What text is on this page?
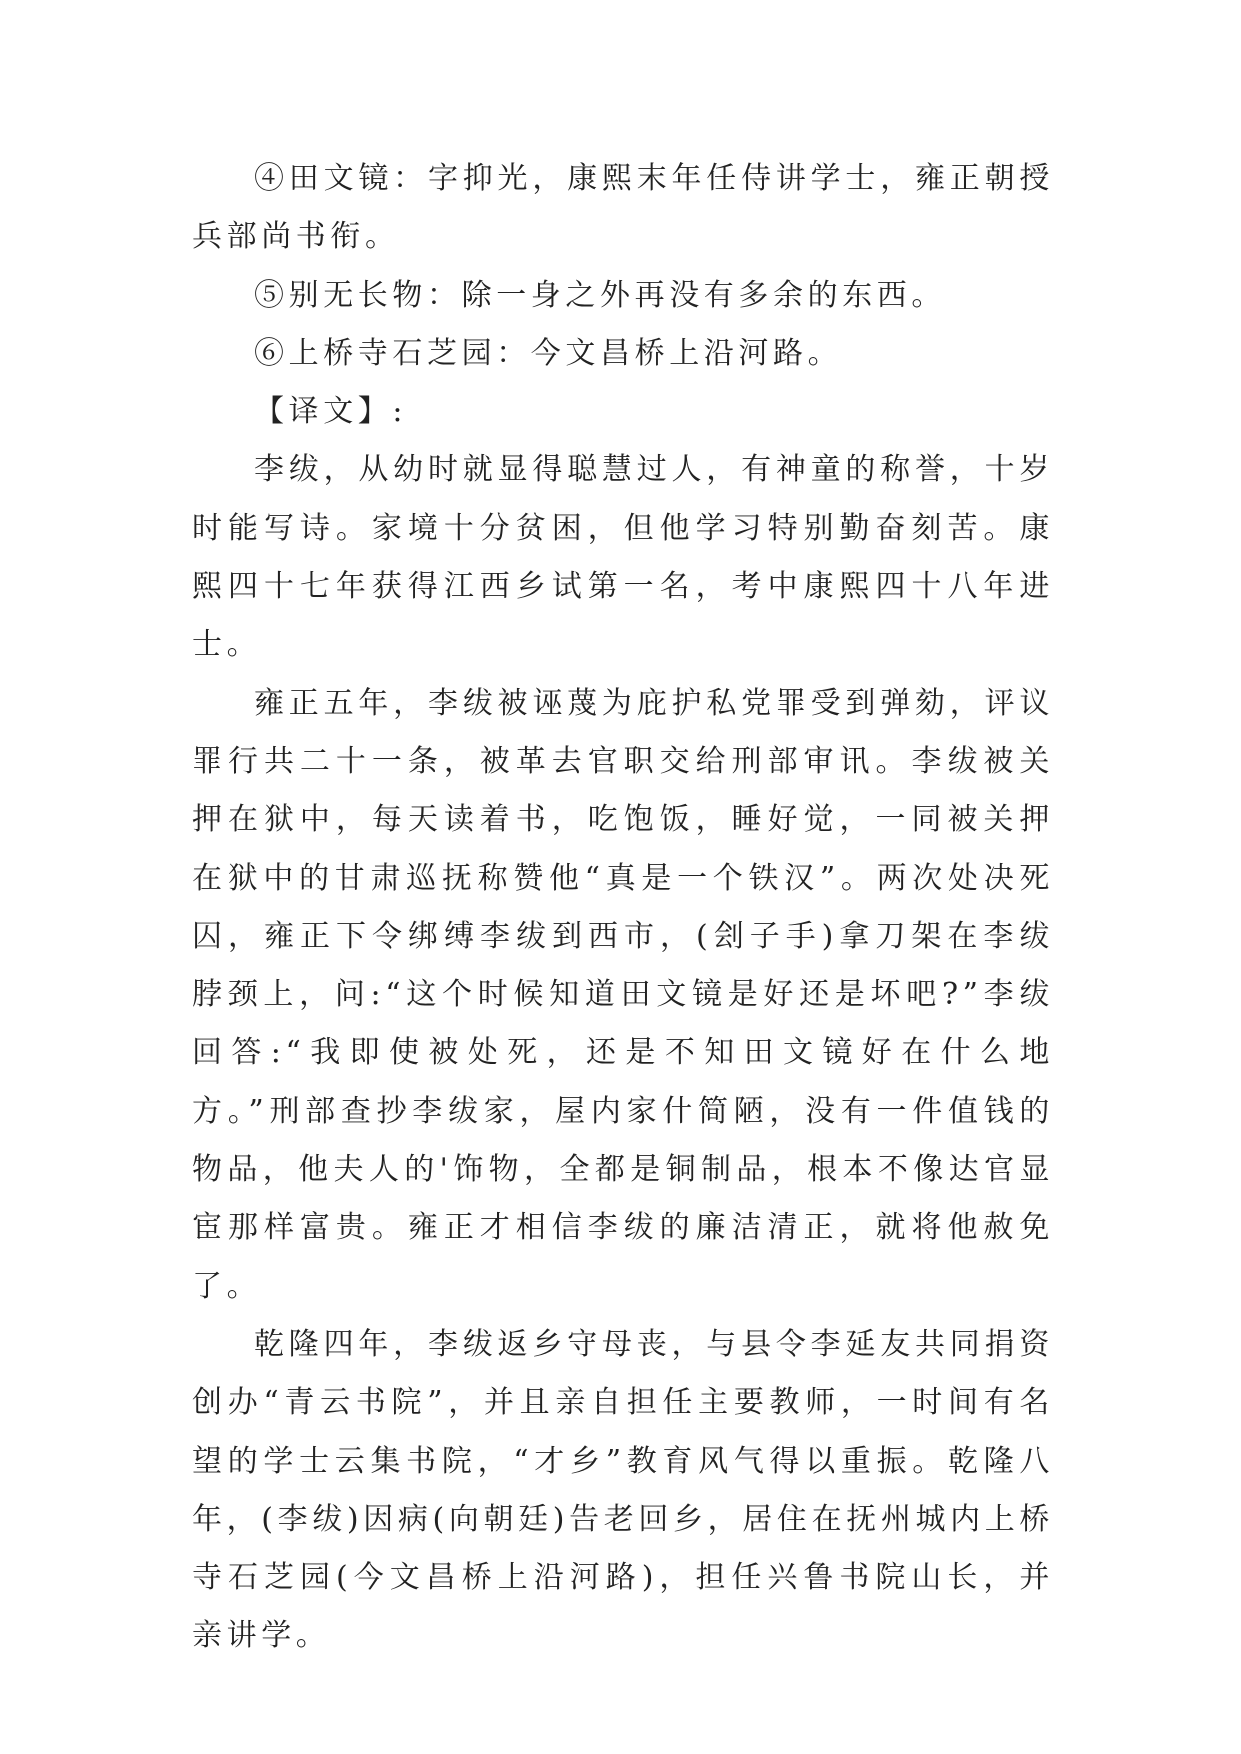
④田文镜：字抑光，康熙末年任侍讲学士，雍正朝授兵部尚书衔。

⑤别无长物：除一身之外再没有多余的东西。

⑥上桥寺石芝园：今文昌桥上沿河路。

【译文】:

李绂，从幼时就显得聪慧过人，有神童的称誉，十岁时能写诗。家境十分贫困，但他学习特别勤奋刻苦。康熙四十七年获得江西乡试第一名，考中康熙四十八年进士。

雍正五年，李绂被诬蔑为庇护私党罪受到弹劾，评议罪行共二十一条，被革去官职交给刑部审讯。李绂被关押在狱中，每天读着书，吃饱饭，睡好觉，一同被关押在狱中的甘肃巡抚称赞他“真是一个铁汉”。两次处决死囚，雍正下令绑缚李绂到西市，(刽子手)拿刀架在李绂脖颈上，问:“这个时候知道田文镜是好还是坏吧?”李绂回答:“我即使被处死，还是不知田文镜好在什么地方。”刑部查抄李绂家，屋内家什简陋，没有一件值钱的物品，他夫人的'饰物，全都是铜制品，根本不像达官显宦那样富贵。雍正才相信李绂的廉洁清正，就将他赦免了。

乾隆四年，李绂返乡守母丧，与县令李延友共同捐资创办“青云书院”，并且亲自担任主要教师，一时间有名望的学士云集书院，“才乡”教育风气得以重振。乾隆八年，(李绂)因病(向朝廷)告老回乡，居住在抚州城内上桥寺石芝园(今文昌桥上沿河路)，担任兴鲁书院山长，并亲讲学。
